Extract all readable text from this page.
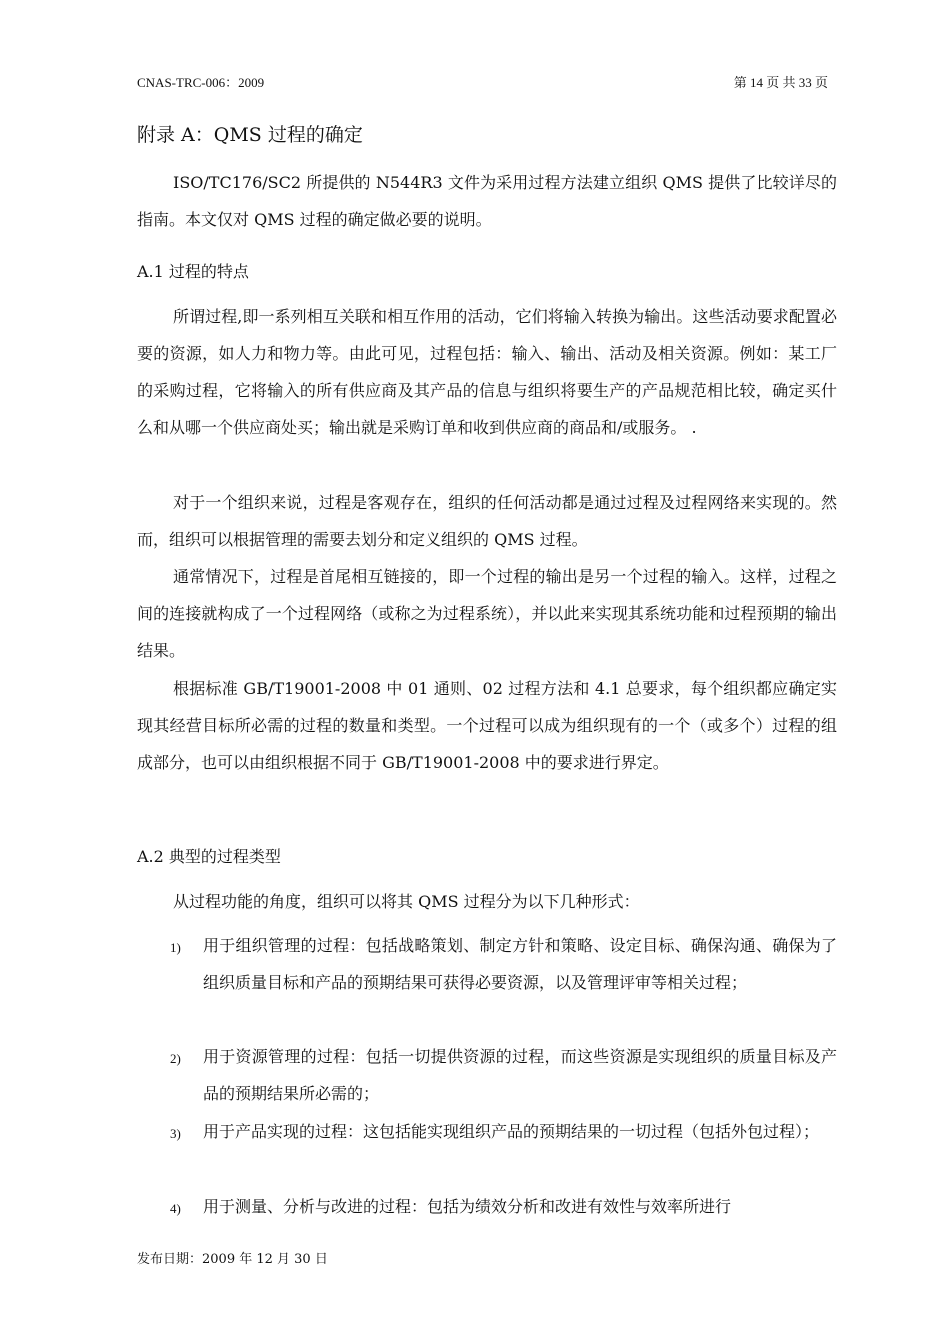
CNAS-TRC-006：2009	第 14 页 共 33 页
附录 A：QMS 过程的确定

ISO/TC176/SC2 所提供的 N544R3 文件为采用过程方法建立组织 QMS 提供了比较详尽的指南。本文仅对 QMS 过程的确定做必要的说明。

A.1 过程的特点

所谓过程,即一系列相互关联和相互作用的活动，它们将输入转换为输出。这些活动要求配置必要的资源，如人力和物力等。由此可见，过程包括：输入、输出、活动及相关资源。例如：某工厂的采购过程，它将输入的所有供应商及其产品的信息与组织将要生产的产品规范相比较，确定买什么和从哪一个供应商处买；输出就是采购订单和收到供应商的商品和/或服务。 .

对于一个组织来说，过程是客观存在，组织的任何活动都是通过过程及过程网络来实现的。然而，组织可以根据管理的需要去划分和定义组织的 QMS 过程。

通常情况下，过程是首尾相互链接的，即一个过程的输出是另一个过程的输入。这样，过程之间的连接就构成了一个过程网络（或称之为过程系统），并以此来实现其系统功能和过程预期的输出结果。

根据标准 GB/T19001-2008 中 01 通则、02 过程方法和 4.1 总要求，每个组织都应确定实现其经营目标所必需的过程的数量和类型。一个过程可以成为组织现有的一个（或多个）过程的组成部分，也可以由组织根据不同于 GB/T19001-2008 中的要求进行界定。

A.2 典型的过程类型

从过程功能的角度，组织可以将其 QMS 过程分为以下几种形式：

1) 用于组织管理的过程：包括战略策划、制定方针和策略、设定目标、确保沟通、确保为了组织质量目标和产品的预期结果可获得必要资源，以及管理评审等相关过程；
2) 用于资源管理的过程：包括一切提供资源的过程，而这些资源是实现组织的质量目标及产品的预期结果所必需的；
3) 用于产品实现的过程：这包括能实现组织产品的预期结果的一切过程（包括外包过程）；
4) 用于测量、分析与改进的过程：包括为绩效分析和改进有效性与效率所进行
发布日期：2009 年 12 月 30 日
